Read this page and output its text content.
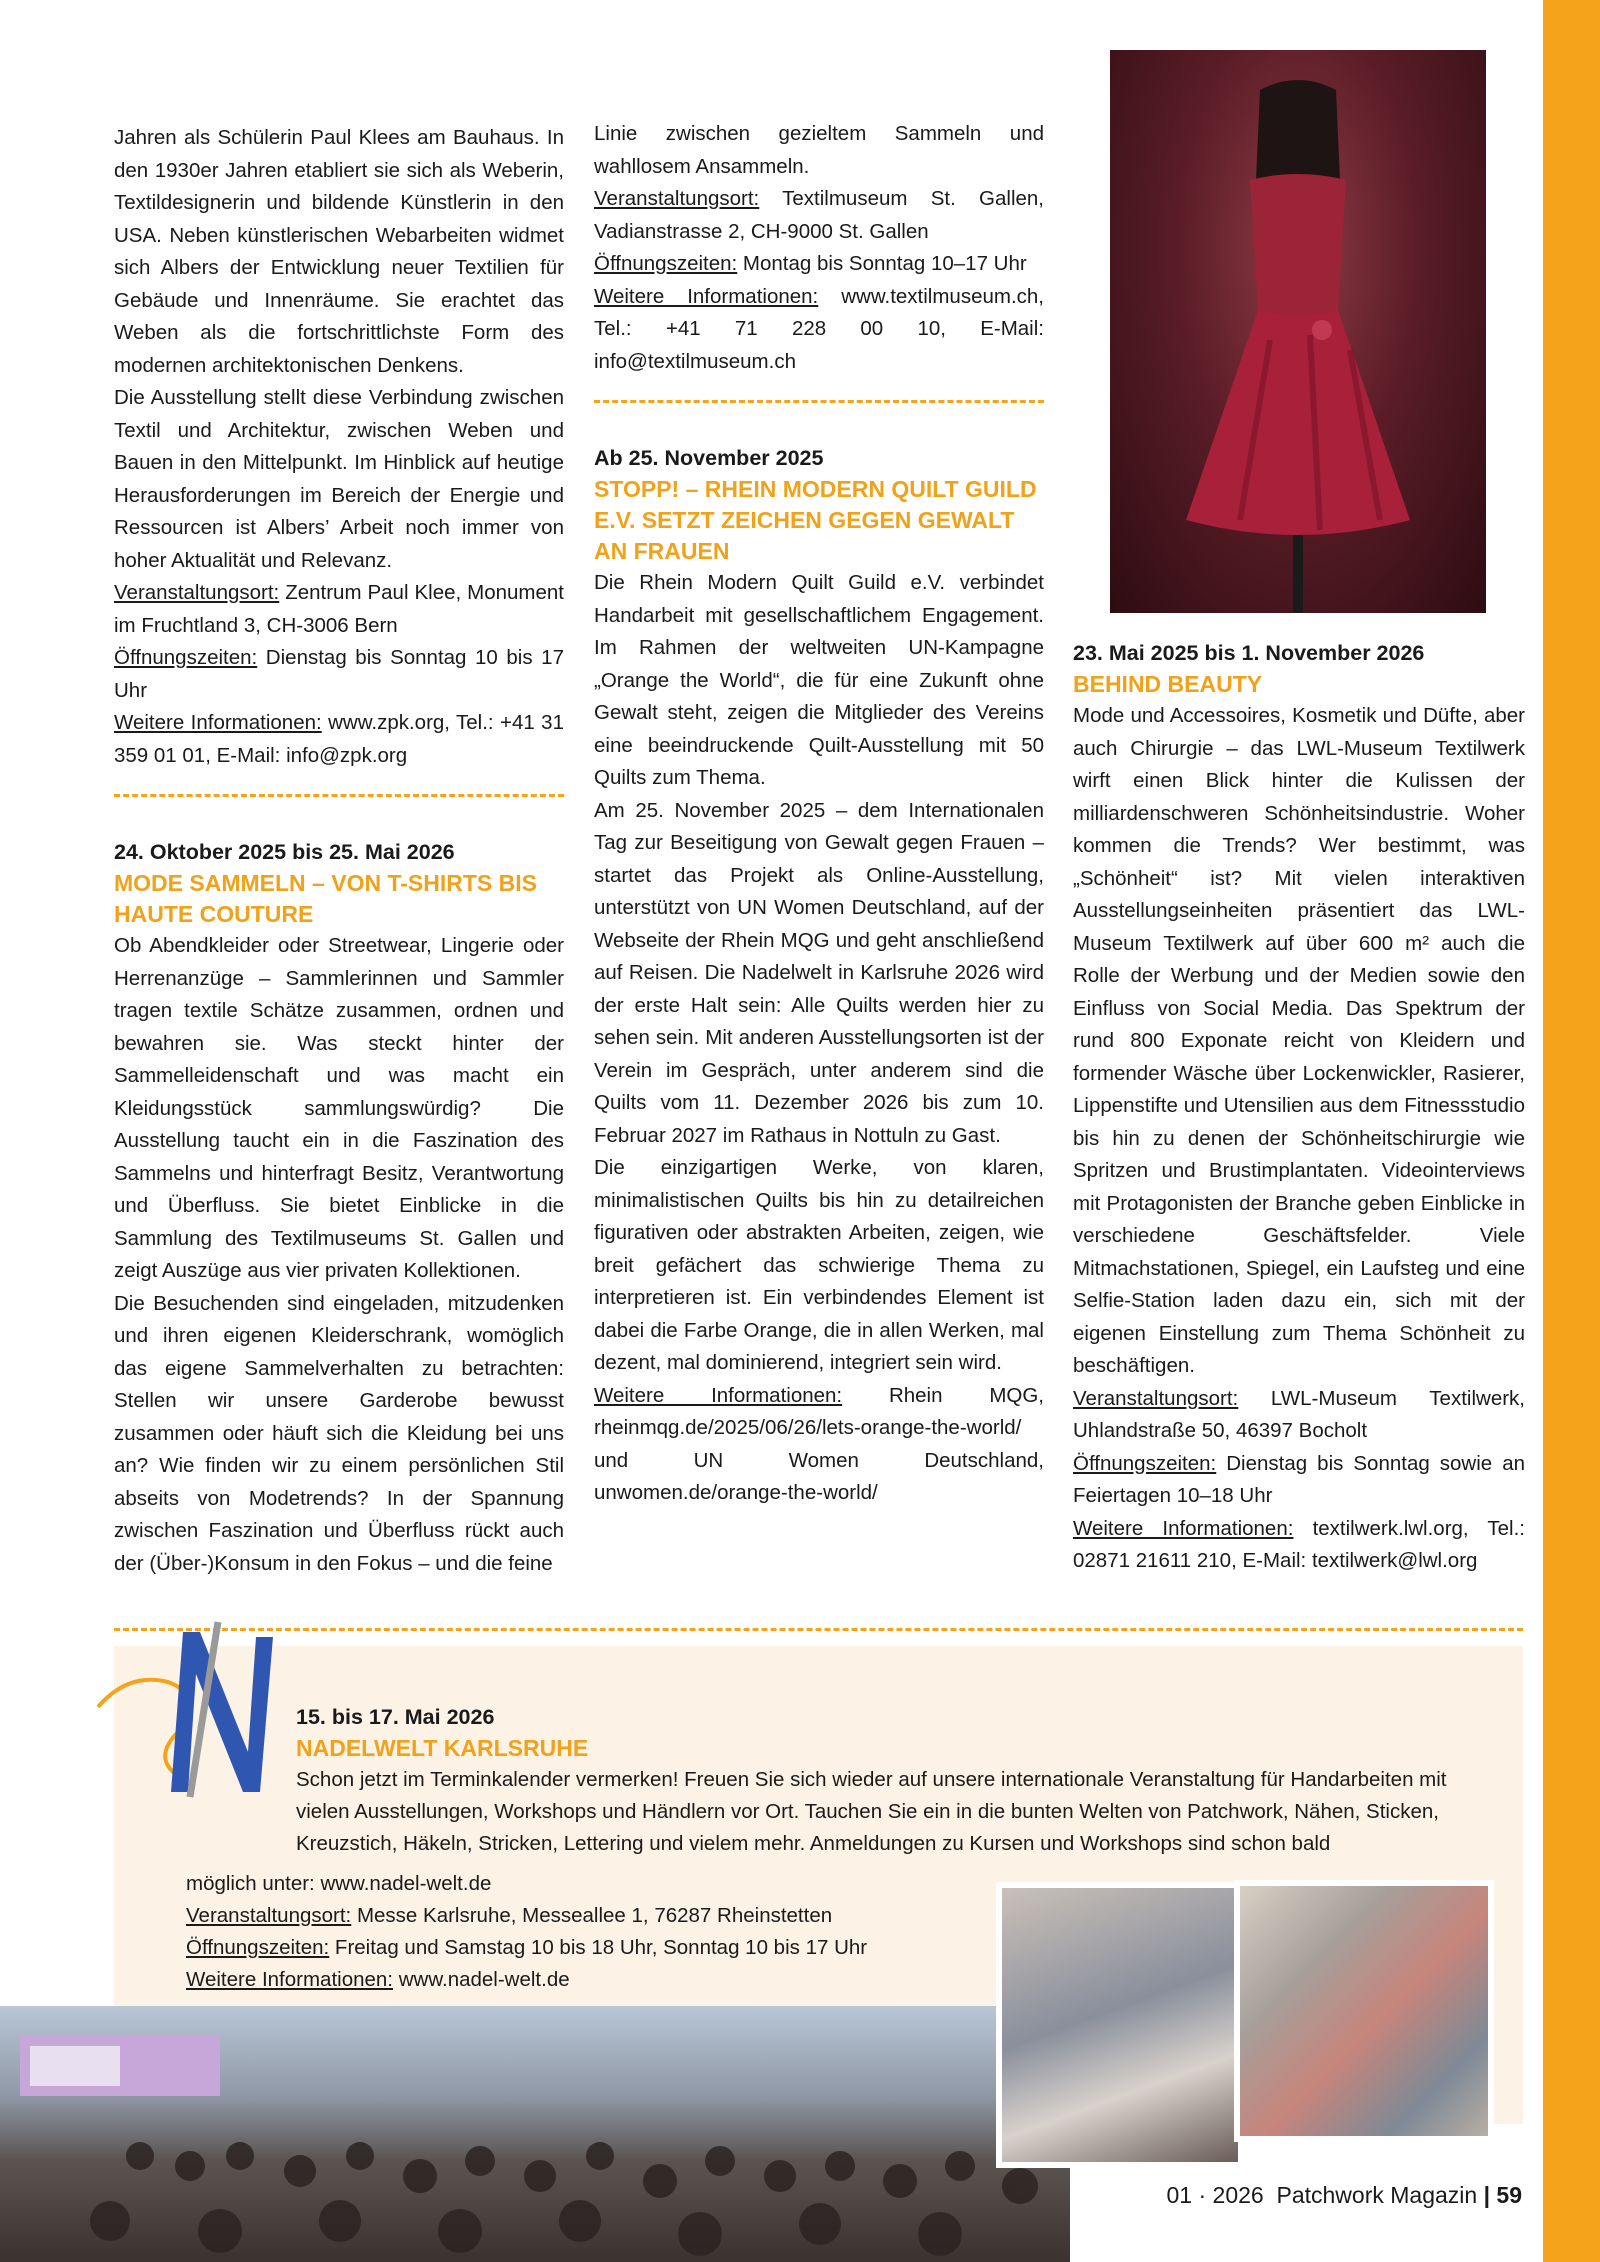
Jahren als Schülerin Paul Klees am Bauhaus. In den 1930er Jahren etabliert sie sich als Weberin, Textildesignerin und bildende Künstlerin in den USA. Neben künstlerischen Webarbeiten widmet sich Albers der Entwicklung neuer Textilien für Gebäude und Innenräume. Sie erachtet das Weben als die fortschrittlichste Form des modernen architektonischen Denkens.

Die Ausstellung stellt diese Verbindung zwischen Textil und Architektur, zwischen Weben und Bauen in den Mittelpunkt. Im Hinblick auf heutige Herausforderungen im Bereich der Energie und Ressourcen ist Albers’ Arbeit noch immer von hoher Aktualität und Relevanz.

Veranstaltungsort: Zentrum Paul Klee, Monument im Fruchtland 3, CH-3006 Bern

Öffnungszeiten: Dienstag bis Sonntag 10 bis 17 Uhr

Weitere Informationen: www.zpk.org, Tel.: +41 31 359 01 01, E-Mail: info@zpk.org

24. Oktober 2025 bis 25. Mai 2026

MODE SAMMELN – VON T-SHIRTS BIS HAUTE COUTURE

Ob Abendkleider oder Streetwear, Lingerie oder Herrenanzüge – Sammlerinnen und Sammler tragen textile Schätze zusammen, ordnen und bewahren sie. Was steckt hinter der Sammelleidenschaft und was macht ein Kleidungsstück sammlungswürdig? Die Ausstellung taucht ein in die Faszination des Sammelns und hinterfragt Besitz, Verantwortung und Überfluss. Sie bietet Einblicke in die Sammlung des Textilmuseums St. Gallen und zeigt Auszüge aus vier privaten Kollektionen.

Die Besuchenden sind eingeladen, mitzudenken und ihren eigenen Kleiderschrank, womöglich das eigene Sammelverhalten zu betrachten: Stellen wir unsere Garderobe bewusst zusammen oder häuft sich die Kleidung bei uns an? Wie finden wir zu einem persönlichen Stil abseits von Modetrends? In der Spannung zwischen Faszination und Überfluss rückt auch der (Über-)Konsum in den Fokus – und die feine

Linie zwischen gezieltem Sammeln und wahllosem Ansammeln.

Veranstaltungsort: Textilmuseum St. Gallen, Vadianstrasse 2, CH-9000 St. Gallen

Öffnungszeiten: Montag bis Sonntag 10–17 Uhr

Weitere Informationen: www.textilmuseum.ch, Tel.: +41 71 228 00 10, E-Mail: info@textilmuseum.ch

Ab 25. November 2025

STOPP! – RHEIN MODERN QUILT GUILD E.V. SETZT ZEICHEN GEGEN GEWALT AN FRAUEN

Die Rhein Modern Quilt Guild e.V. verbindet Handarbeit mit gesellschaftlichem Engagement. Im Rahmen der weltweiten UN-Kampagne „Orange the World“, die für eine Zukunft ohne Gewalt steht, zeigen die Mitglieder des Vereins eine beeindruckende Quilt-Ausstellung mit 50 Quilts zum Thema.

Am 25. November 2025 – dem Internationalen Tag zur Beseitigung von Gewalt gegen Frauen – startet das Projekt als Online-Ausstellung, unterstützt von UN Women Deutschland, auf der Webseite der Rhein MQG und geht anschließend auf Reisen. Die Nadelwelt in Karlsruhe 2026 wird der erste Halt sein: Alle Quilts werden hier zu sehen sein. Mit anderen Ausstellungsorten ist der Verein im Gespräch, unter anderem sind die Quilts vom 11. Dezember 2026 bis zum 10. Februar 2027 im Rathaus in Nottuln zu Gast.

Die einzigartigen Werke, von klaren, minimalistischen Quilts bis hin zu detailreichen figurativen oder abstrakten Arbeiten, zeigen, wie breit gefächert das schwierige Thema zu interpretieren ist. Ein verbindendes Element ist dabei die Farbe Orange, die in allen Werken, mal dezent, mal dominierend, integriert sein wird.

Weitere Informationen: Rhein MQG, rheinmqg.de/2025/06/26/lets-orange-the-world/ und UN Women Deutschland, unwomen.de/orange-the-world/

23. Mai 2025 bis 1. November 2026

BEHIND BEAUTY

Mode und Accessoires, Kosmetik und Düfte, aber auch Chirurgie – das LWL-Museum Textilwerk wirft einen Blick hinter die Kulissen der milliardenschweren Schönheitsindustrie. Woher kommen die Trends? Wer bestimmt, was „Schönheit“ ist? Mit vielen interaktiven Ausstellungseinheiten präsentiert das LWL-Museum Textilwerk auf über 600 m² auch die Rolle der Werbung und der Medien sowie den Einfluss von Social Media. Das Spektrum der rund 800 Exponate reicht von Kleidern und formender Wäsche über Lockenwickler, Rasierer, Lippenstifte und Utensilien aus dem Fitnessstudio bis hin zu denen der Schönheitschirurgie wie Spritzen und Brustimplantaten. Videointerviews mit Protagonisten der Branche geben Einblicke in verschiedene Geschäftsfelder. Viele Mitmachstationen, Spiegel, ein Laufsteg und eine Selfie-Station laden dazu ein, sich mit der eigenen Einstellung zum Thema Schönheit zu beschäftigen.

Veranstaltungsort: LWL-Museum Textilwerk, Uhlandstraße 50, 46397 Bocholt

Öffnungszeiten: Dienstag bis Sonntag sowie an Feiertagen 10–18 Uhr

Weitere Informationen: textilwerk.lwl.org, Tel.: 02871 21611 210, E-Mail: textilwerk@lwl.org

15. bis 17. Mai 2026

NADELWELT KARLSRUHE

Schon jetzt im Terminkalender vermerken! Freuen Sie sich wieder auf unsere internationale Veranstaltung für Handarbeiten mit vielen Ausstellungen, Workshops und Händlern vor Ort. Tauchen Sie ein in die bunten Welten von Patchwork, Nähen, Sticken, Kreuzstich, Häkeln, Stricken, Lettering und vielem mehr. Anmeldungen zu Kursen und Workshops sind schon bald

möglich unter: www.nadel-welt.de

Veranstaltungsort: Messe Karlsruhe, Messeallee 1, 76287 Rheinstetten

Öffnungszeiten: Freitag und Samstag 10 bis 18 Uhr, Sonntag 10 bis 17 Uhr

Weitere Informationen: www.nadel-welt.de

01 · 2026 Patchwork Magazin | 59
